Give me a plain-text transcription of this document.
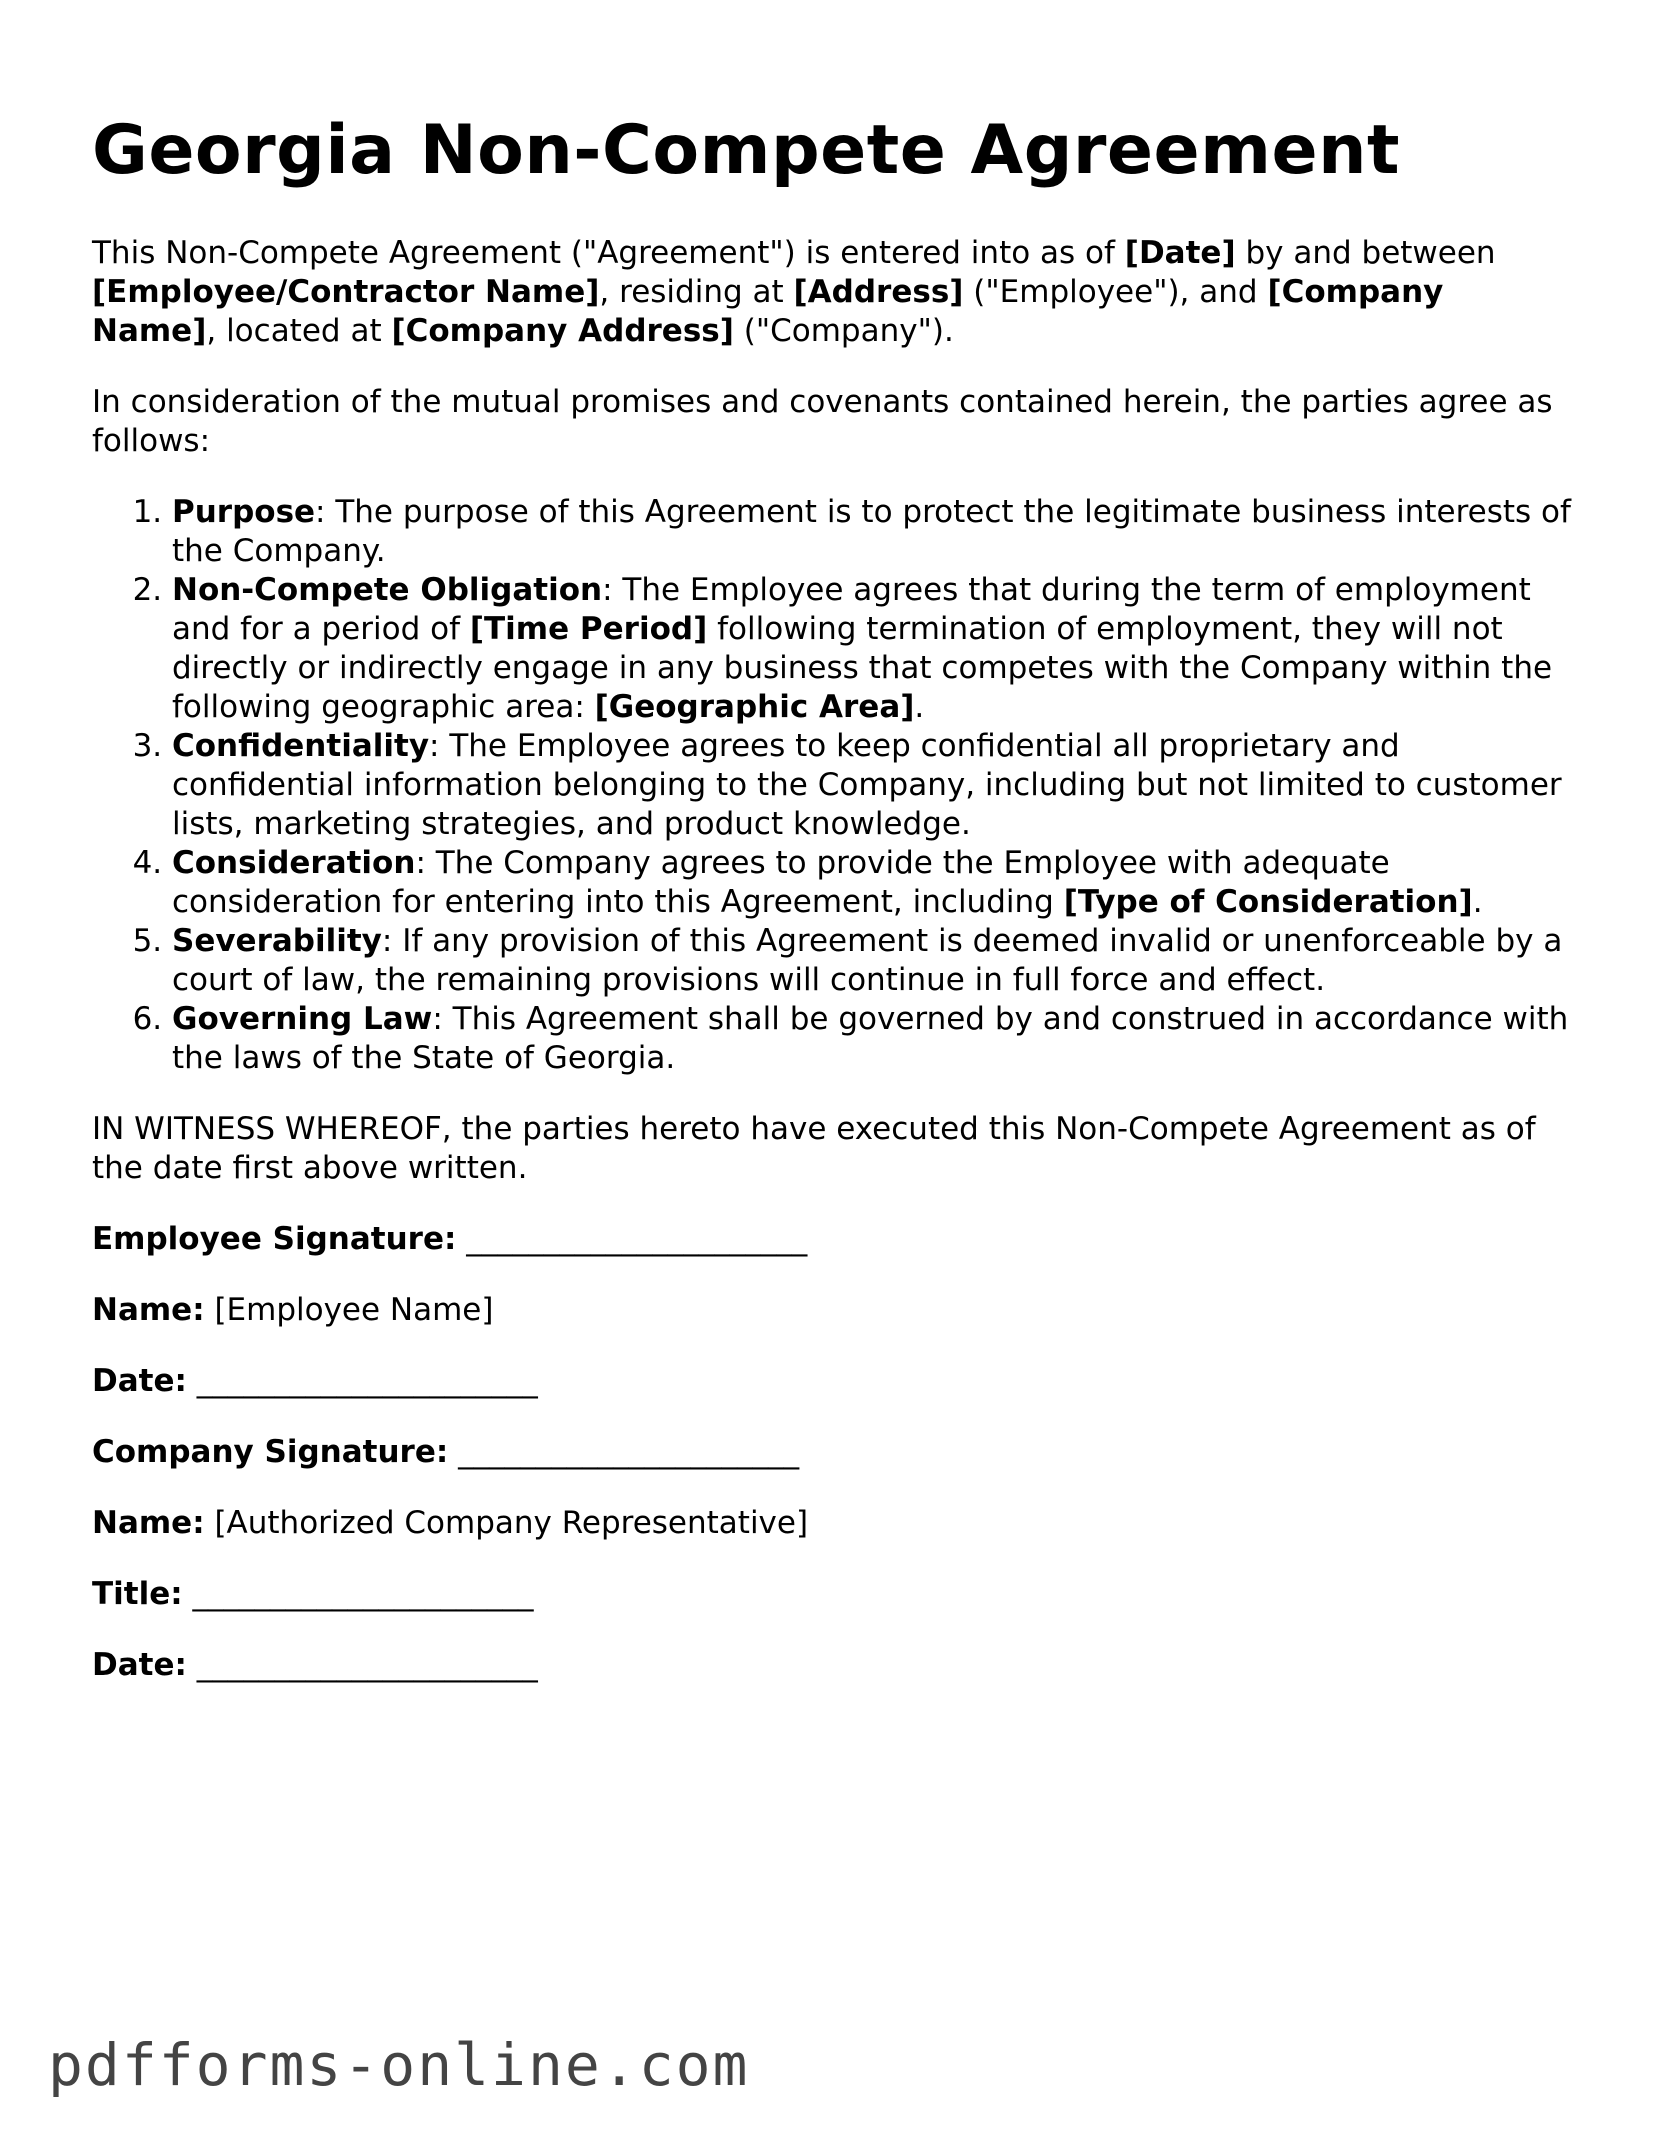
Georgia Non-Compete Agreement

This Non-Compete Agreement ("Agreement") is entered into as of [Date] by and between [Employee/Contractor Name], residing at [Address] ("Employee"), and [Company Name], located at [Company Address] ("Company").

In consideration of the mutual promises and covenants contained herein, the parties agree as follows:

1. Purpose: The purpose of this Agreement is to protect the legitimate business interests of the Company.
2. Non-Compete Obligation: The Employee agrees that during the term of employment and for a period of [Time Period] following termination of employment, they will not directly or indirectly engage in any business that competes with the Company within the following geographic area: [Geographic Area].
3. Confidentiality: The Employee agrees to keep confidential all proprietary and confidential information belonging to the Company, including but not limited to customer lists, marketing strategies, and product knowledge.
4. Consideration: The Company agrees to provide the Employee with adequate consideration for entering into this Agreement, including [Type of Consideration].
5. Severability: If any provision of this Agreement is deemed invalid or unenforceable by a court of law, the remaining provisions will continue in full force and effect.
6. Governing Law: This Agreement shall be governed by and construed in accordance with the laws of the State of Georgia.

IN WITNESS WHEREOF, the parties hereto have executed this Non-Compete Agreement as of the date first above written.

Employee Signature: ______________________
Name: [Employee Name]
Date: ______________________
Company Signature: ______________________
Name: [Authorized Company Representative]
Title: ______________________
Date: ______________________
pdfforms-online.com
